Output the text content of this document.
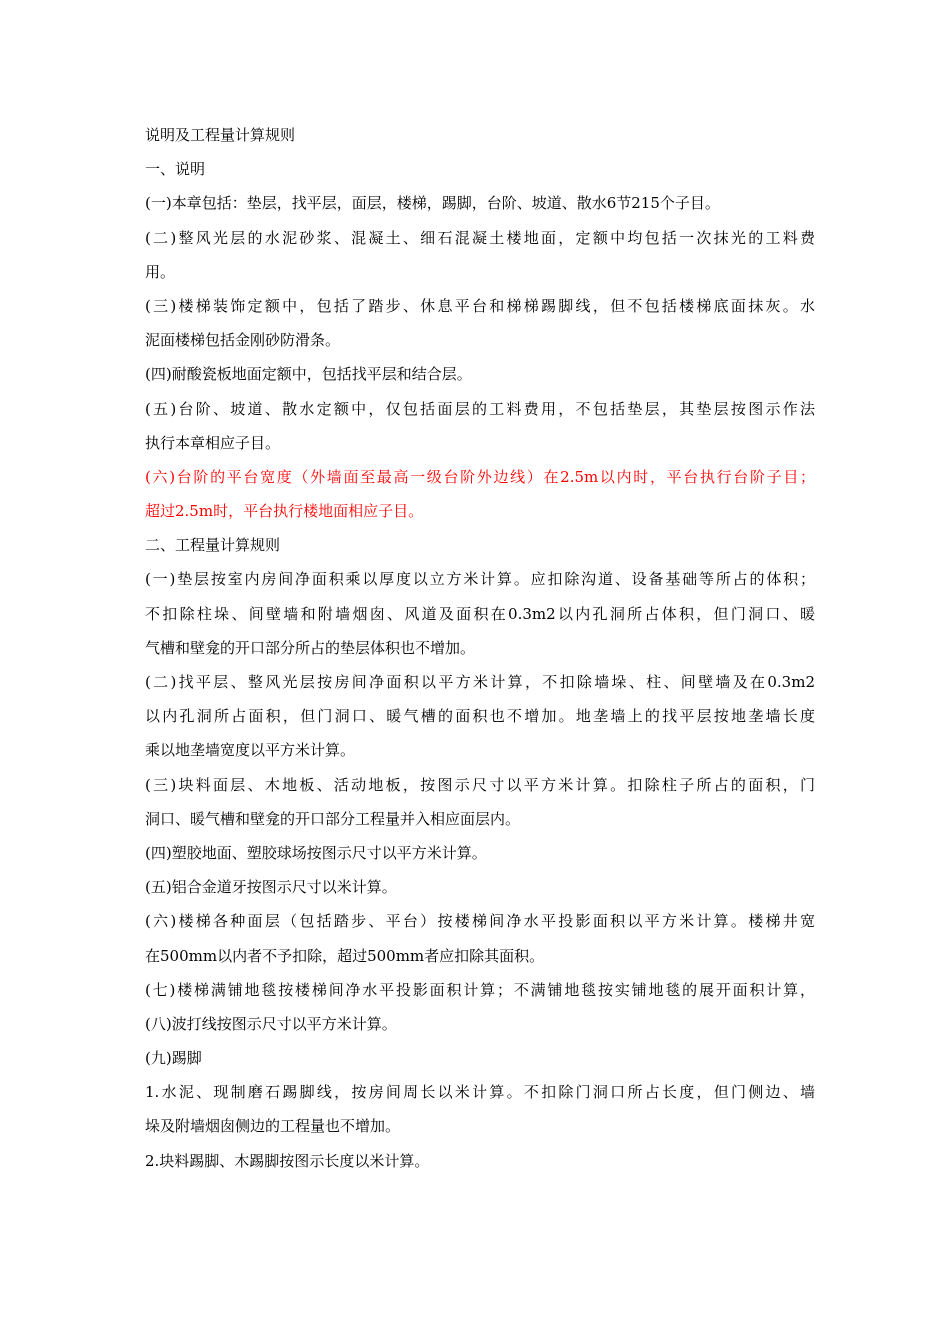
说明及工程量计算规则
一、说明
(一)本章包括：垫层，找平层，面层，楼梯，踢脚，台阶、坡道、散水6节215个子目。
(二)整风光层的水泥砂浆、混凝土、细石混凝土楼地面，定额中均包括一次抹光的工料费
用。
(三)楼梯装饰定额中，包括了踏步、休息平台和梯梯踢脚线，但不包括楼梯底面抹灰。水
泥面楼梯包括金刚砂防滑条。
(四)耐酸瓷板地面定额中，包括找平层和结合层。
(五)台阶、坡道、散水定额中，仅包括面层的工料费用，不包括垫层，其垫层按图示作法
执行本章相应子目。
(六)台阶的平台宽度（外墙面至最高一级台阶外边线）在2.5m以内时，平台执行台阶子目；
超过2.5m时，平台执行楼地面相应子目。
二、工程量计算规则
(一)垫层按室内房间净面积乘以厚度以立方米计算。应扣除沟道、设备基础等所占的体积；
不扣除柱垛、间壁墙和附墙烟囱、风道及面积在0.3m2以内孔洞所占体积，但门洞口、暖
气槽和壁龛的开口部分所占的垫层体积也不增加。
(二)找平层、整风光层按房间净面积以平方米计算，不扣除墙垛、柱、间壁墙及在0.3m2
以内孔洞所占面积，但门洞口、暖气槽的面积也不增加。地垄墙上的找平层按地垄墙长度
乘以地垄墙宽度以平方米计算。
(三)块料面层、木地板、活动地板，按图示尺寸以平方米计算。扣除柱子所占的面积，门
洞口、暖气槽和壁龛的开口部分工程量并入相应面层内。
(四)塑胶地面、塑胶球场按图示尺寸以平方米计算。
(五)铝合金道牙按图示尺寸以米计算。
(六)楼梯各种面层（包括踏步、平台）按楼梯间净水平投影面积以平方米计算。楼梯井宽
在500mm以内者不予扣除，超过500mm者应扣除其面积。
(七)楼梯满铺地毯按楼梯间净水平投影面积计算；不满铺地毯按实铺地毯的展开面积计算，
(八)波打线按图示尺寸以平方米计算。
(九)踢脚
1.水泥、现制磨石踢脚线，按房间周长以米计算。不扣除门洞口所占长度，但门侧边、墙
垛及附墙烟囱侧边的工程量也不增加。
2.块料踢脚、木踢脚按图示长度以米计算。
